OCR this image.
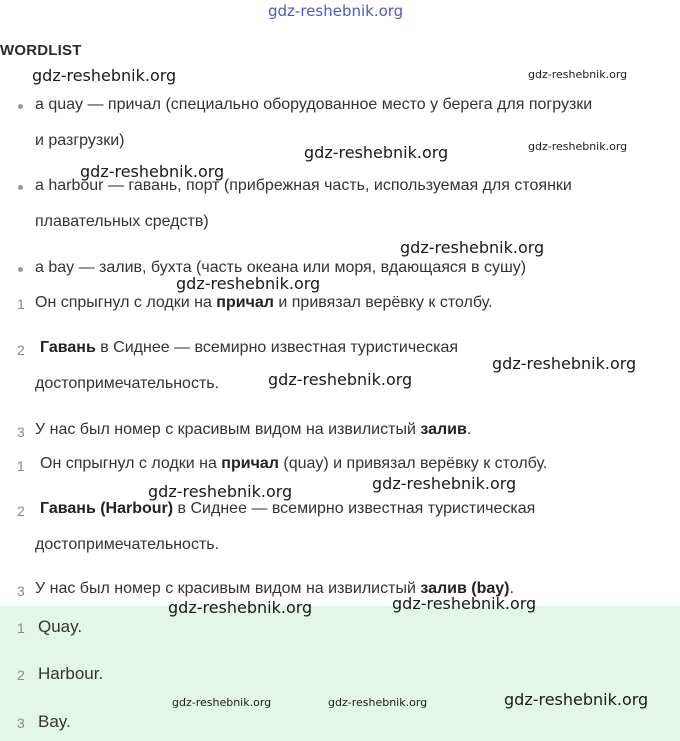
gdz-reshebnik.org
gdz-reshebnik.org	gdz-reshebnik.org
gdz-reshebnik.org	gdz-reshebnik.org
gdz-reshebnik.org
gdz-reshebnik.org
gdz-reshebnik.org
gdz-reshebnik.org
gdz-reshebnik.org
gdz-reshebnik.org
gdz-reshebnik.org
gdz-reshebnik.org
gdz-reshebnik.org
gdz-reshebnik.org	gdz-reshebnik.org	gdz-reshebnik.org
WORDLIST
a quay — причал (специально оборудованное место у берега для погрузки
и разгрузки)
a harbour — гавань, порт (прибрежная часть, используемая для стоянки
плавательных средств)
a bay — залив, бухта (часть океана или моря, вдающаяся в сушу)
1 Он спрыгнул с лодки на причал и привязал верёвку к столбу.
2 Гавань в Сиднее — всемирно известная туристическая
достопримечательность.
3 У нас был номер с красивым видом на извилистый залив.
1 Он спрыгнул с лодки на причал (quay) и привязал верёвку к столбу.
2 Гавань (Harbour) в Сиднее — всемирно известная туристическая
достопримечательность.
3 У нас был номер с красивым видом на извилистый залив (bay).
1 Quay.
2 Harbour.
3 Bay.
